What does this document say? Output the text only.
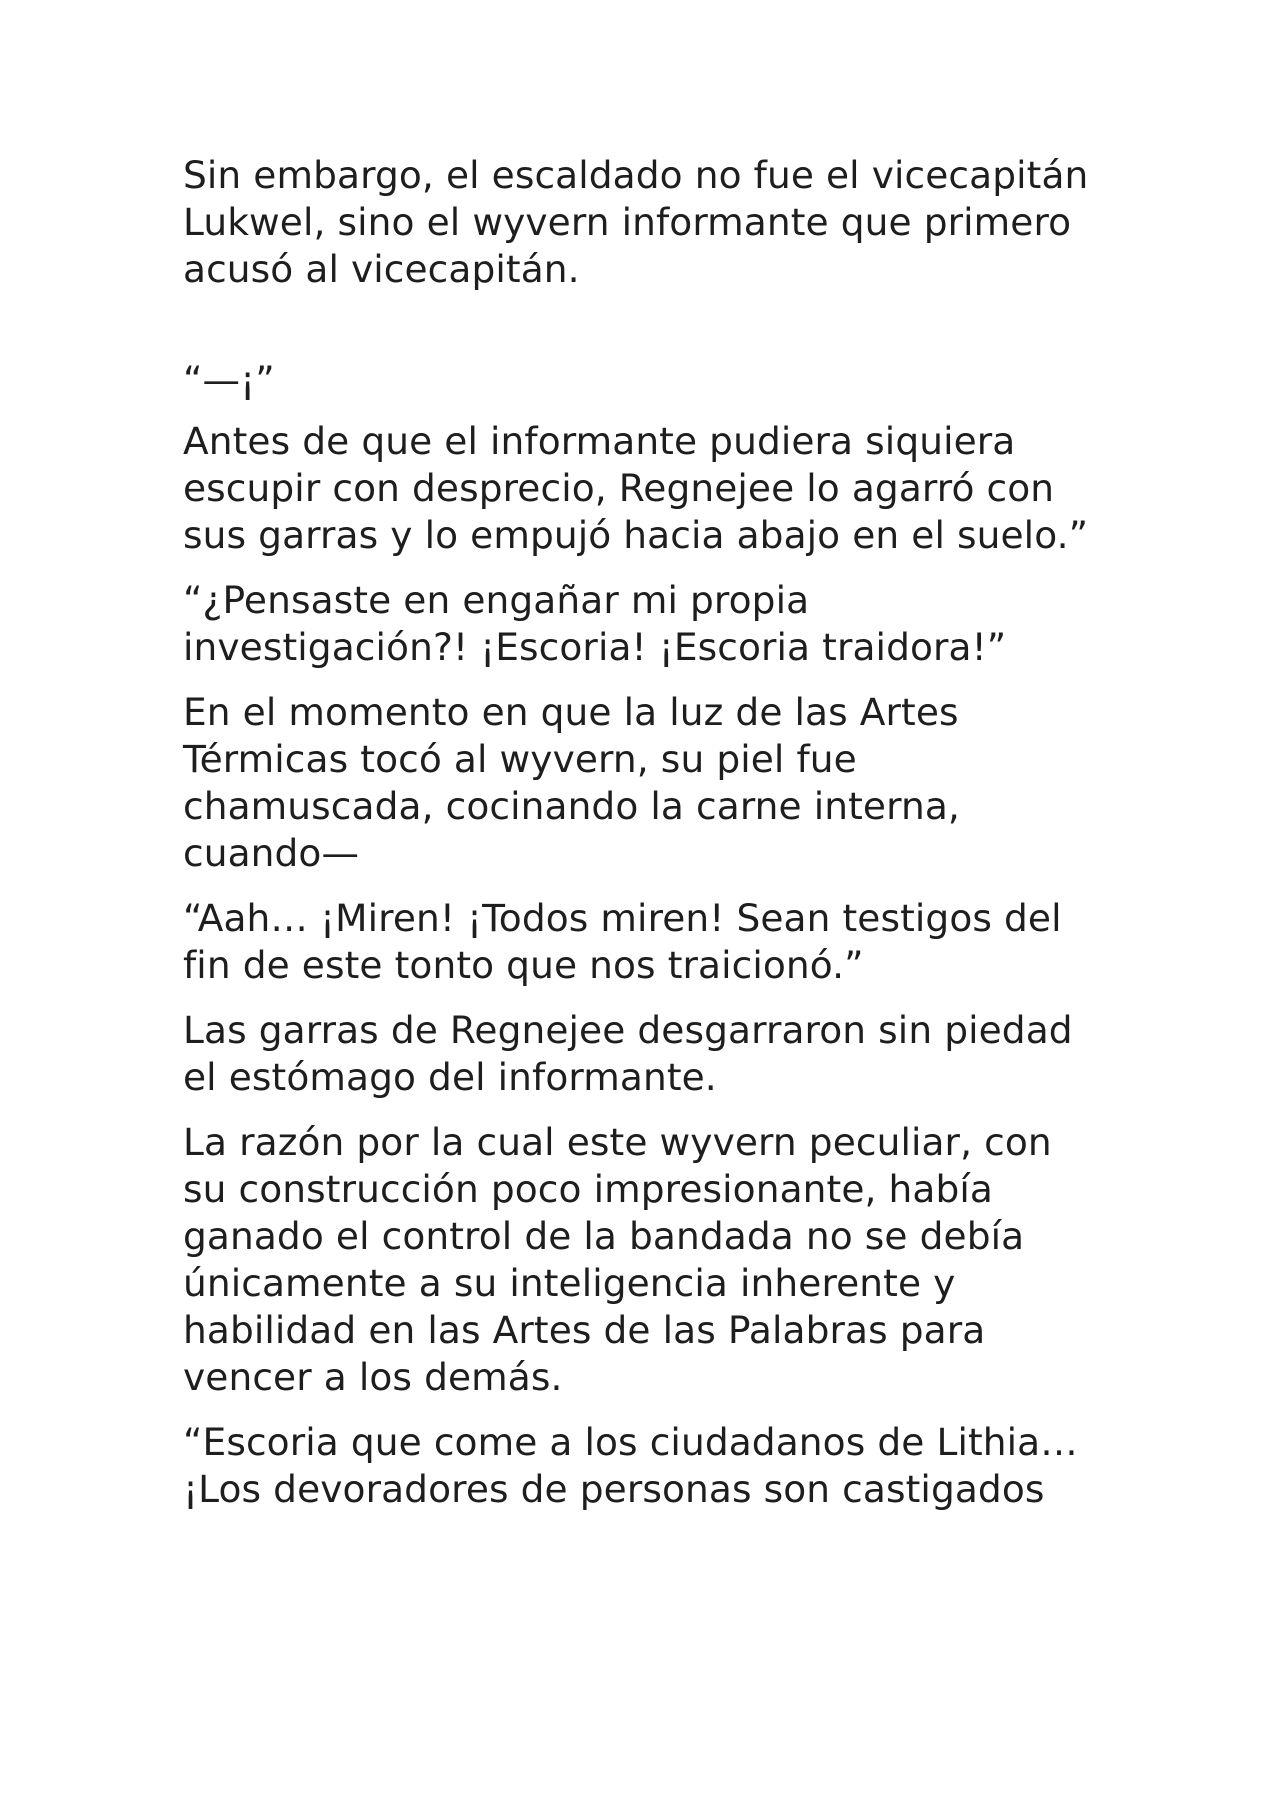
Sin embargo, el escaldado no fue el vicecapitán Lukwel, sino el wyvern informante que primero acusó al vicecapitán.

“—¡”

Antes de que el informante pudiera siquiera escupir con desprecio, Regnejee lo agarró con sus garras y lo empujó hacia abajo en el suelo.”

“¿Pensaste en engañar mi propia investigación?! ¡Escoria! ¡Escoria traidora!”

En el momento en que la luz de las Artes Térmicas tocó al wyvern, su piel fue chamuscada, cocinando la carne interna, cuando—

“Aah… ¡Miren! ¡Todos miren! Sean testigos del fin de este tonto que nos traicionó.”

Las garras de Regnejee desgarraron sin piedad el estómago del informante.

La razón por la cual este wyvern peculiar, con su construcción poco impresionante, había ganado el control de la bandada no se debía únicamente a su inteligencia inherente y habilidad en las Artes de las Palabras para vencer a los demás.

“Escoria que come a los ciudadanos de Lithia… ¡Los devoradores de personas son castigados
